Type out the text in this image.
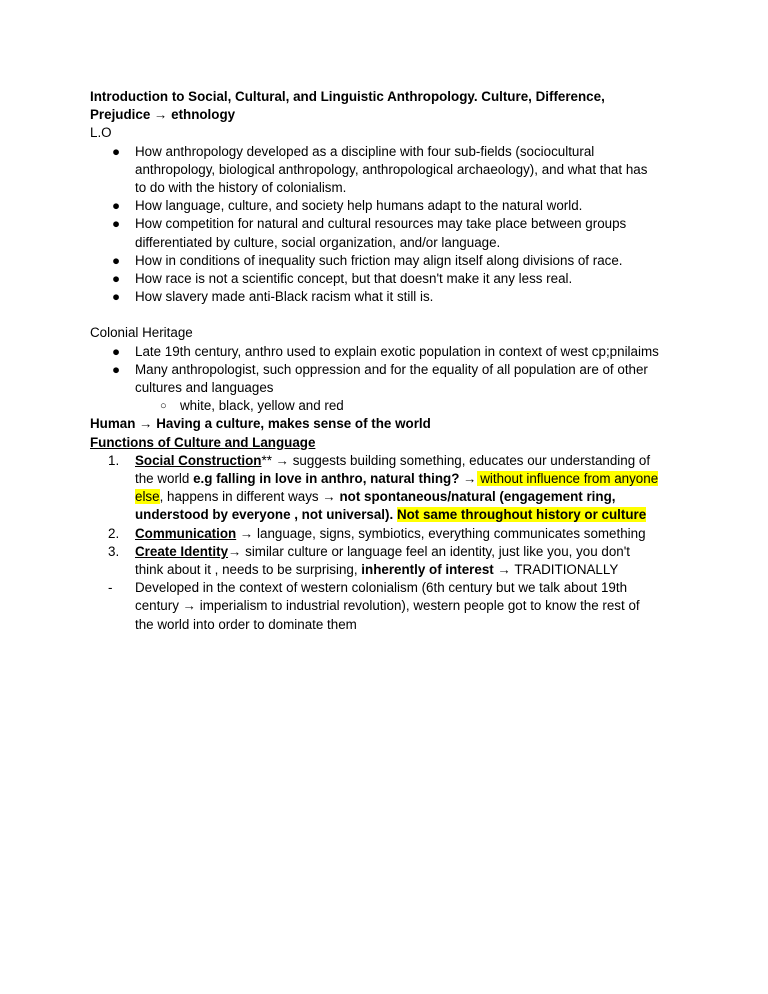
Introduction to Social, Cultural, and Linguistic Anthropology. Culture, Difference,
Prejudice → ethnology
L.O
● How anthropology developed as a discipline with four sub-fields (sociocultural
anthropology, biological anthropology, anthropological archaeology), and what that has
to do with the history of colonialism.
● How language, culture, and society help humans adapt to the natural world.
● How competition for natural and cultural resources may take place between groups
differentiated by culture, social organization, and/or language.
● How in conditions of inequality such friction may align itself along divisions of race.
● How race is not a scientific concept, but that doesn't make it any less real.
● How slavery made anti-Black racism what it still is.
Colonial Heritage
● Late 19th century, anthro used to explain exotic population in context of west cp;pnilaims
● Many anthropologist, such oppression and for the equality of all population are of other
cultures and languages
○ white, black, yellow and red
Human → Having a culture, makes sense of the world
Functions of Culture and Language
1. Social Construction** → suggests building something, educates our understanding of
the world e.g falling in love in anthro, natural thing? → without influence from anyone
else, happens in different ways → not spontaneous/natural (engagement ring,
understood by everyone , not universal). Not same throughout history or culture
2. Communication → language, signs, symbiotics, everything communicates something
3. Create Identity→ similar culture or language feel an identity, just like you, you don't
think about it , needs to be surprising, inherently of interest → TRADITIONALLY
- Developed in the context of western colonialism (6th century but we talk about 19th
century → imperialism to industrial revolution), western people got to know the rest of
the world into order to dominate them
